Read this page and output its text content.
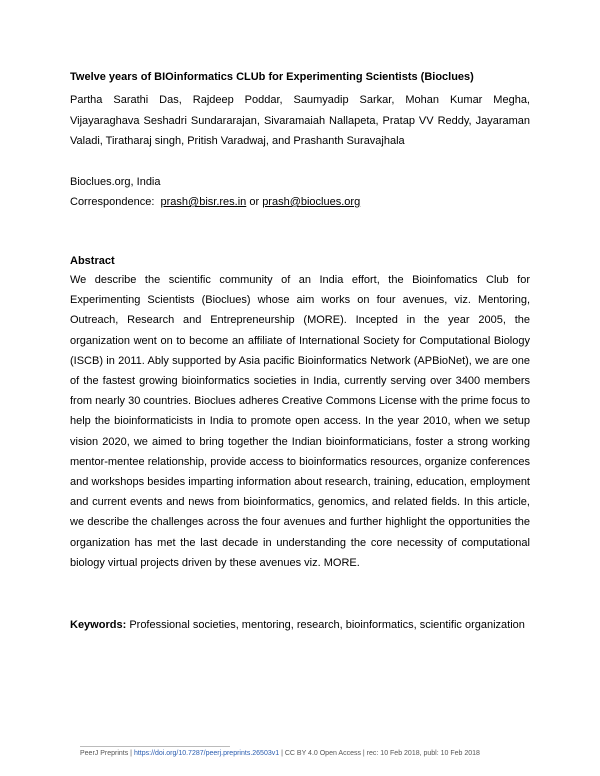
Twelve years of BIOinformatics CLUb for Experimenting Scientists (Bioclues)
Partha Sarathi Das, Rajdeep Poddar, Saumyadip Sarkar, Mohan Kumar Megha, Vijayaraghava Seshadri Sundararajan, Sivaramaiah Nallapeta, Pratap VV Reddy, Jayaraman Valadi, Tiratharaj singh, Pritish Varadwaj, and Prashanth Suravajhala
Bioclues.org, India
Correspondence: prash@bisr.res.in or prash@bioclues.org
Abstract
We describe the scientific community of an India effort, the Bioinfomatics Club for Experimenting Scientists (Bioclues) whose aim works on four avenues, viz. Mentoring, Outreach, Research and Entrepreneurship (MORE). Incepted in the year 2005, the organization went on to become an affiliate of International Society for Computational Biology (ISCB) in 2011. Ably supported by Asia pacific Bioinformatics Network (APBioNet), we are one of the fastest growing bioinformatics societies in India, currently serving over 3400 members from nearly 30 countries. Bioclues adheres Creative Commons License with the prime focus to help the bioinformaticists in India to promote open access. In the year 2010, when we setup vision 2020, we aimed to bring together the Indian bioinformaticians, foster a strong working mentor-mentee relationship, provide access to bioinformatics resources, organize conferences and workshops besides imparting information about research, training, education, employment and current events and news from bioinformatics, genomics, and related fields. In this article, we describe the challenges across the four avenues and further highlight the opportunities the organization has met the last decade in understanding the core necessity of computational biology virtual projects driven by these avenues viz. MORE.
Keywords: Professional societies, mentoring, research, bioinformatics, scientific organization
PeerJ Preprints | https://doi.org/10.7287/peerj.preprints.26503v1 | CC BY 4.0 Open Access | rec: 10 Feb 2018, publ: 10 Feb 2018
